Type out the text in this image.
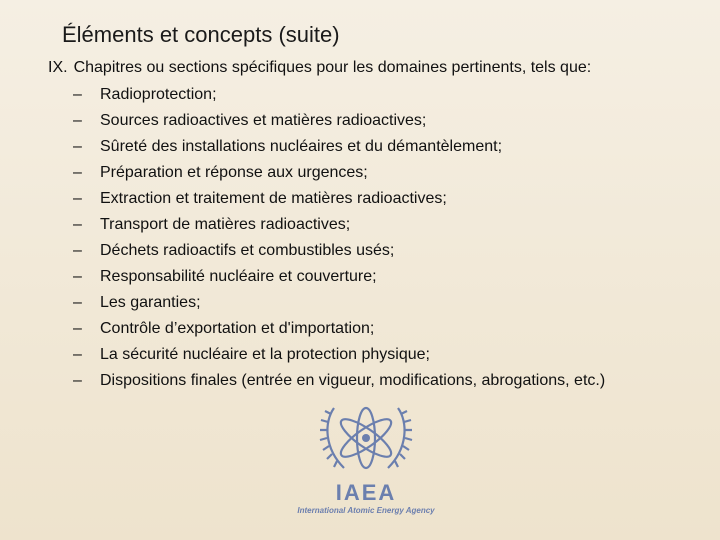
Éléments et concepts (suite)
IX. Chapitres ou sections spécifiques pour les domaines pertinents, tels que:
–	Radioprotection;
–	Sources radioactives et matières radioactives;
–	Sûreté des installations nucléaires et du démantèlement;
–	Préparation et réponse aux urgences;
–	Extraction et traitement de matières radioactives;
–	Transport de matières radioactives;
–	Déchets radioactifs et combustibles usés;
–	Responsabilité nucléaire et couverture;
–	Les garanties;
–	Contrôle d’exportation et d'importation;
–	La sécurité nucléaire et la protection physique;
–	Dispositions finales (entrée en vigueur, modifications, abrogations, etc.)
IAEA
International Atomic Energy Agency
